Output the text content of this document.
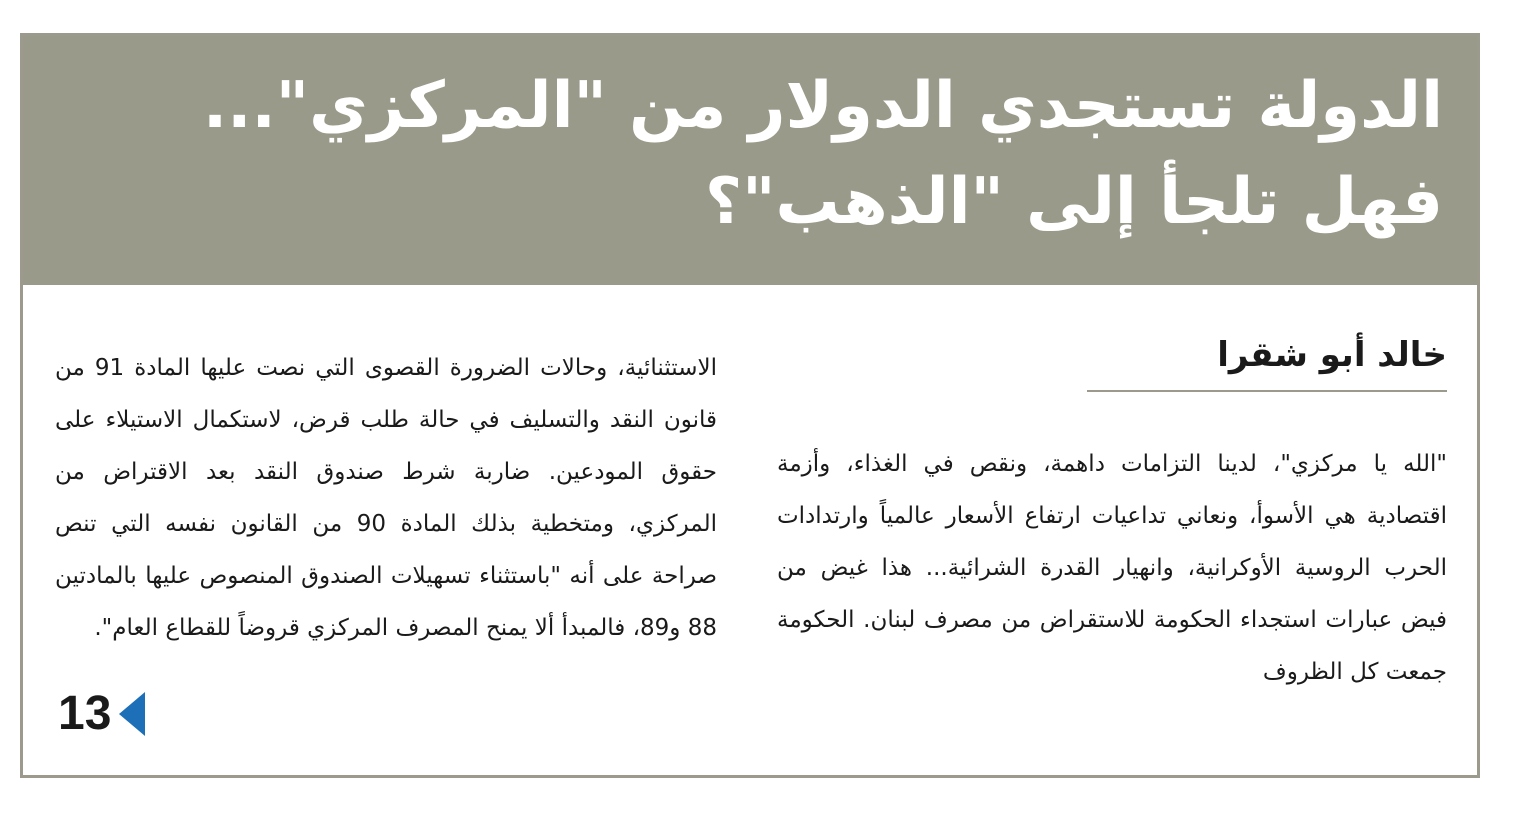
الدولة تستجدي الدولار من "المركزي"... فهل تلجأ إلى "الذهب"؟
خالد أبو شقرا

"الله يا مركزي"، لدينا التزامات داهمة، ونقص في الغذاء، وأزمة اقتصادية هي الأسوأ، ونعاني تداعيات ارتفاع الأسعار عالمياً وارتدادات الحرب الروسية الأوكرانية، وانهيار القدرة الشرائية... هذا غيض من فيض عبارات استجداء الحكومة للاستقراض من مصرف لبنان. الحكومة جمعت كل الظروف

الاستثنائية، وحالات الضرورة القصوى التي نصت عليها المادة 91 من قانون النقد والتسليف في حالة طلب قرض، لاستكمال الاستيلاء على حقوق المودعين. ضاربة شرط صندوق النقد بعد الاقتراض من المركزي، ومتخطية بذلك المادة 90 من القانون نفسه التي تنص صراحة على أنه "باستثناء تسهيلات الصندوق المنصوص عليها بالمادتين 88 و89، فالمبدأ ألا يمنح المصرف المركزي قروضاً للقطاع العام".

13
